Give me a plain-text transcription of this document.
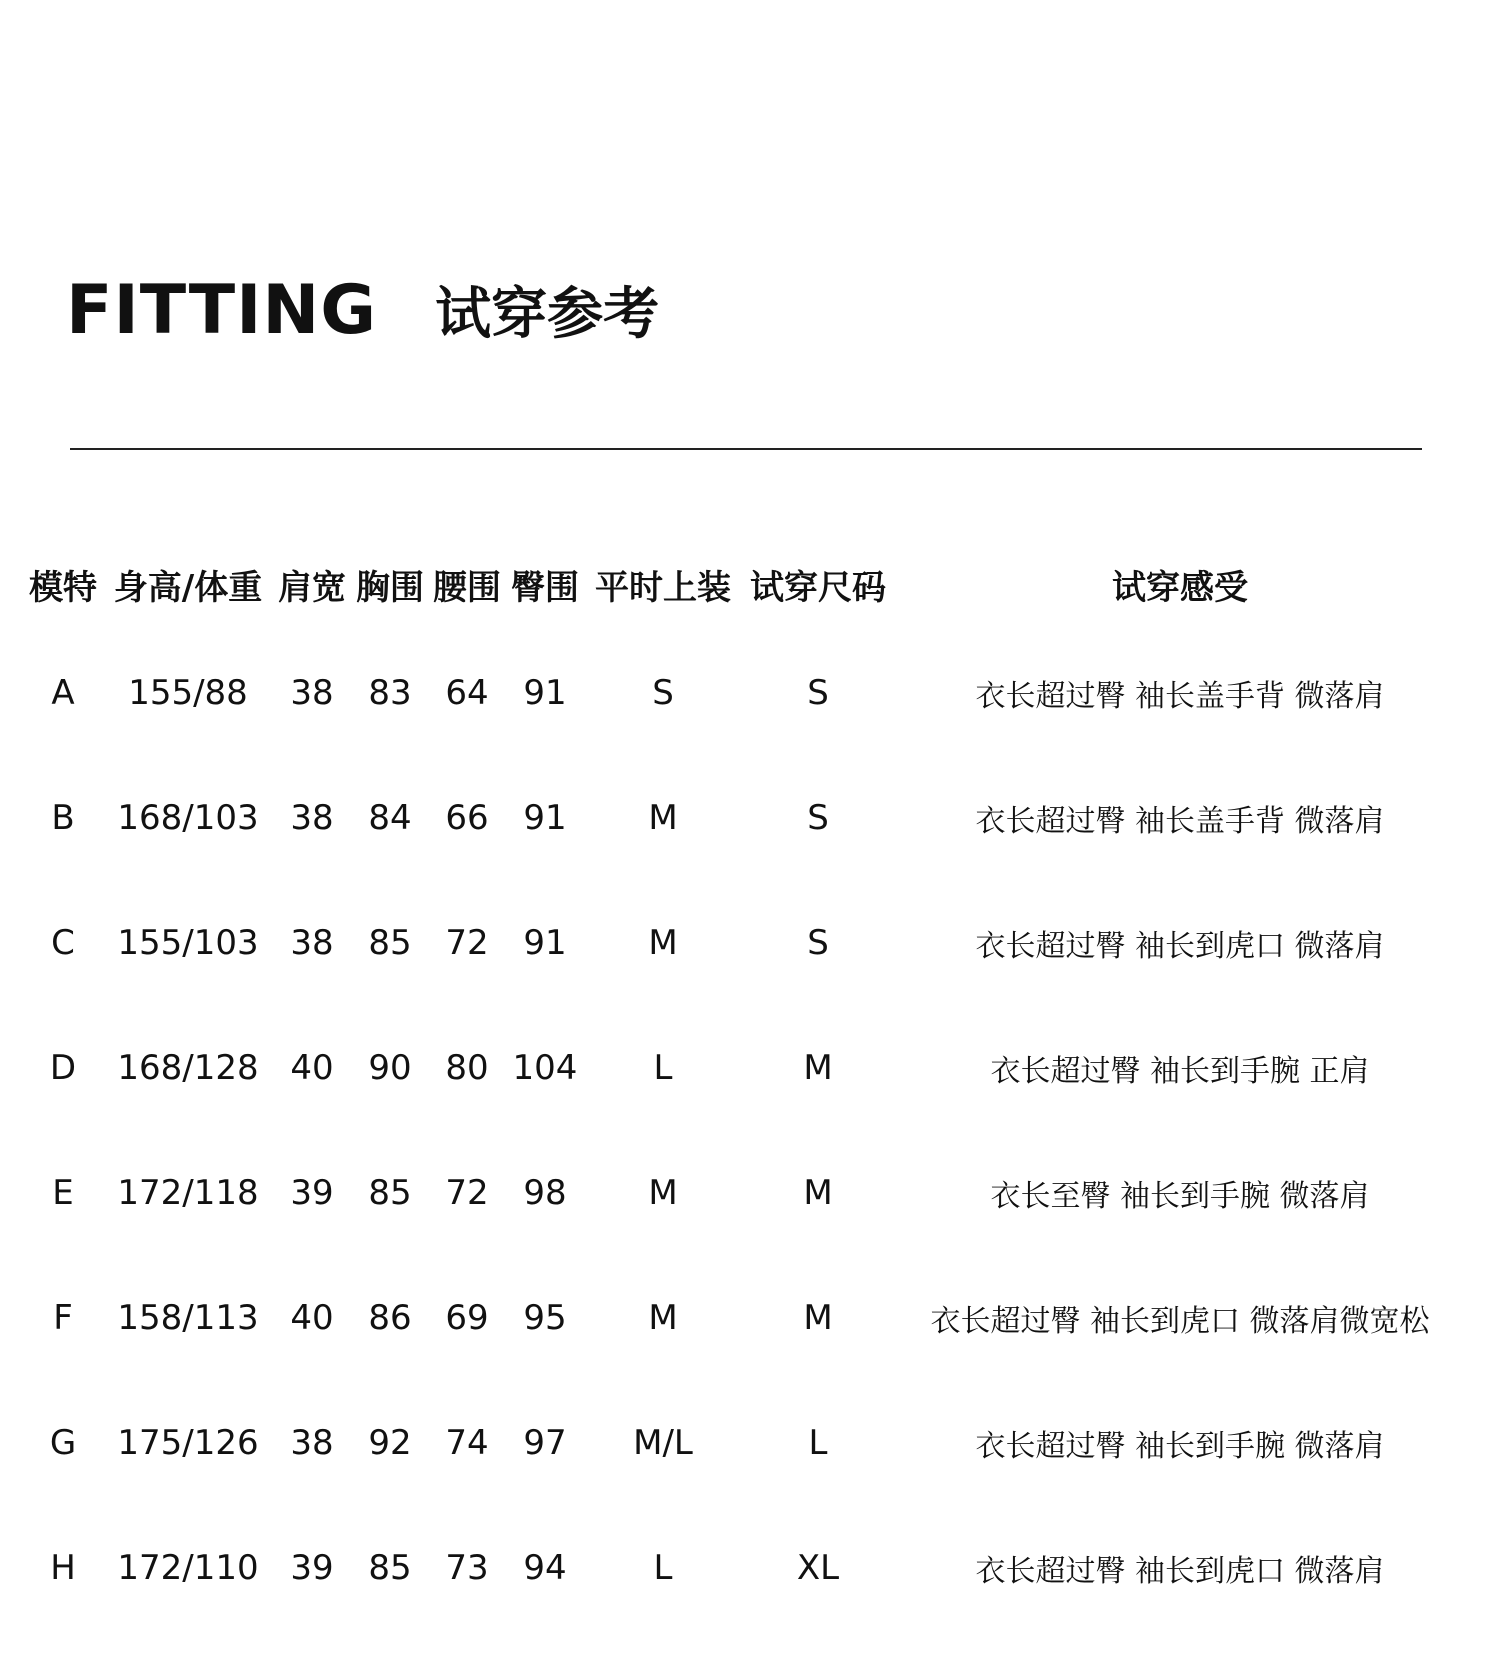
FITTING 试穿参考
模特 身高/体重 肩宽 胸围 腰围 臀围 平时上装 试穿尺码	试穿感受
A 155/88 38 83 64 91	S	S	衣长超过臀 袖长盖手背 微落肩
B 168/103 38 84 66 91 M	S	衣长超过臀 袖长盖手背 微落肩
C 155/103 38 85 72 91 M	S	衣长超过臀 袖长到虎口 微落肩
D 168/128 40 90 80 104 L	M	衣长超过臀 袖长到手腕 正肩
E 172/118 39 85 72 98 M	M	衣长至臀 袖长到手腕 微落肩
F 158/113 40 86 69 95 M	M	衣长超过臀 袖长到虎口 微落肩微宽松
G 175/126 38 92 74 97 M/L	L	衣长超过臀 袖长到手腕 微落肩
H 172/110 39 85 73 94	L	XL	衣长超过臀 袖长到虎口 微落肩
